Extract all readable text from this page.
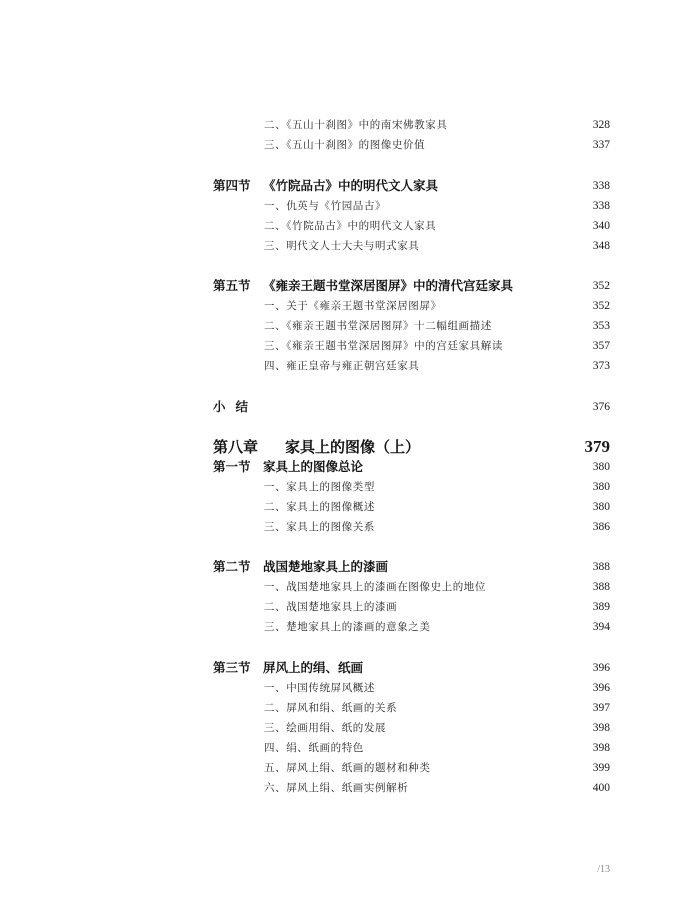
二、《五山十刹图》中的南宋佛教家具	328
三、《五山十刹图》的图像史价值	337
第四节 《竹院品古》中的明代文人家具	338
一、仇英与《竹园品古》	338
二、《竹院品古》中的明代文人家具	340
三、明代文人士大夫与明式家具	348
第五节 《雍亲王题书堂深居图屏》中的清代宫廷家具	352
一、关于《雍亲王题书堂深居图屏》	352
二、《雍亲王题书堂深居图屏》十二幅组画描述	353
三、《雍亲王题书堂深居图屏》中的宫廷家具解读	357
四、雍正皇帝与雍正朝宫廷家具	373
小结	376
第八章 家具上的图像（上）	379
第一节 家具上的图像总论	380
一、家具上的图像类型	380
二、家具上的图像概述	380
三、家具上的图像关系	386
第二节 战国楚地家具上的漆画	388
一、战国楚地家具上的漆画在图像史上的地位	388
二、战国楚地家具上的漆画	389
三、楚地家具上的漆画的意象之美	394
第三节 屏风上的绢、纸画	396
一、中国传统屏风概述	396
二、屏风和绢、纸画的关系	397
三、绘画用绢、纸的发展	398
四、绢、纸画的特色	398
五、屏风上绢、纸画的题材和种类	399
六、屏风上绢、纸画实例解析	400
/13
